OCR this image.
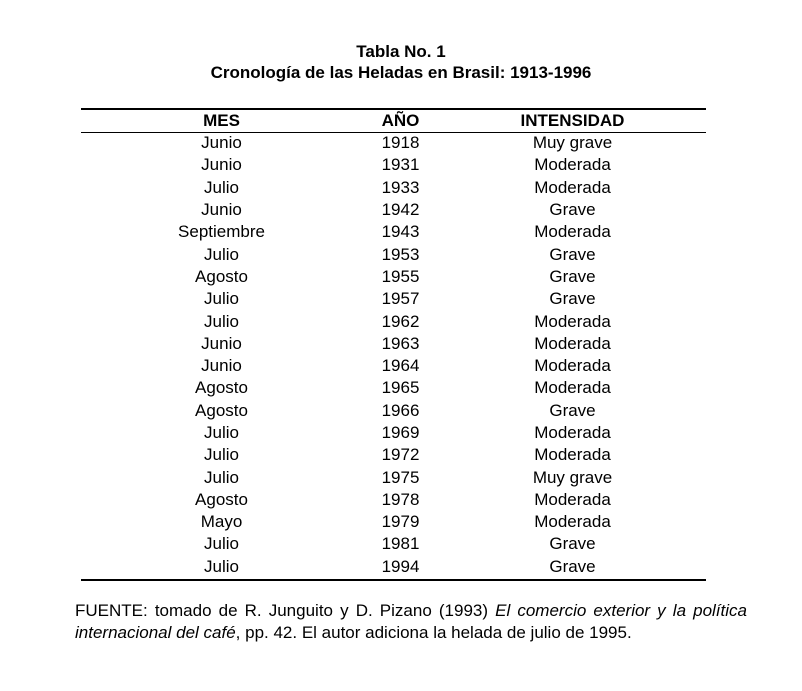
Tabla No. 1
Cronología de las Heladas en Brasil: 1913-1996
MES	AÑO	INTENSIDAD
Junio	1918	Muy grave
Junio	1931	Moderada
Julio	1933	Moderada
Junio	1942	Grave
Septiembre	1943	Moderada
Julio	1953	Grave
Agosto	1955	Grave
Julio	1957	Grave
Julio	1962	Moderada
Junio	1963	Moderada
Junio	1964	Moderada
Agosto	1965	Moderada
Agosto	1966	Grave
Julio	1969	Moderada
Julio	1972	Moderada
Julio	1975	Muy grave
Agosto	1978	Moderada
Mayo	1979	Moderada
Julio	1981	Grave
Julio	1994	Grave
FUENTE: tomado de R. Junguito y D. Pizano (1993) El comercio exterior y la política internacional del café, pp. 42. El autor adiciona la helada de julio de 1995.
